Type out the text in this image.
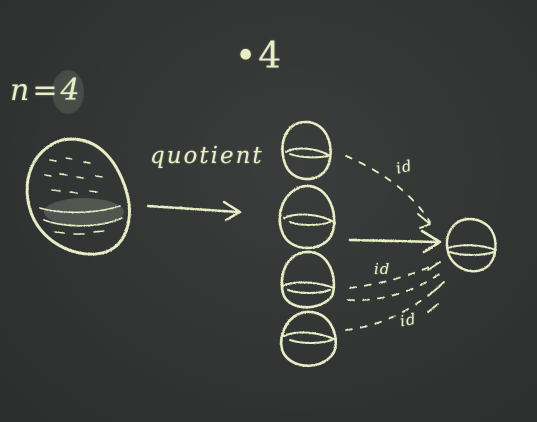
n=4
•4
quotient	id
id
id
